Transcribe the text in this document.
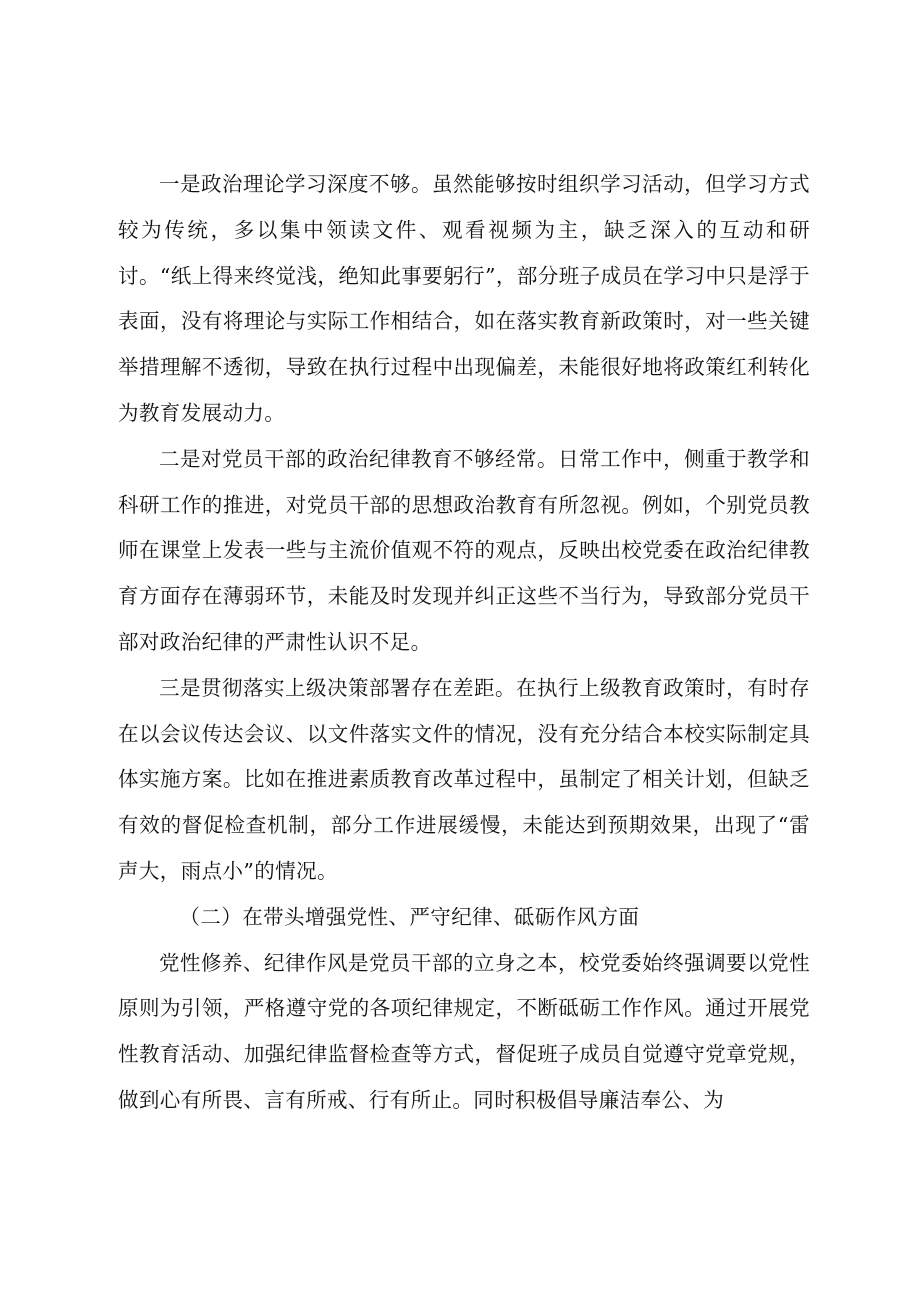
一是政治理论学习深度不够。虽然能够按时组织学习活动，但学习方式较为传统，多以集中领读文件、观看视频为主，缺乏深入的互动和研讨。“纸上得来终觉浅，绝知此事要躬行”，部分班子成员在学习中只是浮于表面，没有将理论与实际工作相结合，如在落实教育新政策时，对一些关键举措理解不透彻，导致在执行过程中出现偏差，未能很好地将政策红利转化为教育发展动力。

二是对党员干部的政治纪律教育不够经常。日常工作中，侧重于教学和科研工作的推进，对党员干部的思想政治教育有所忽视。例如，个别党员教师在课堂上发表一些与主流价值观不符的观点，反映出校党委在政治纪律教育方面存在薄弱环节，未能及时发现并纠正这些不当行为，导致部分党员干部对政治纪律的严肃性认识不足。

三是贯彻落实上级决策部署存在差距。在执行上级教育政策时，有时存在以会议传达会议、以文件落实文件的情况，没有充分结合本校实际制定具体实施方案。比如在推进素质教育改革过程中，虽制定了相关计划，但缺乏有效的督促检查机制，部分工作进展缓慢，未能达到预期效果，出现了“雷声大，雨点小”的情况。

（二）在带头增强党性、严守纪律、砥砺作风方面

党性修养、纪律作风是党员干部的立身之本，校党委始终强调要以党性原则为引领，严格遵守党的各项纪律规定，不断砥砺工作作风。通过开展党性教育活动、加强纪律监督检查等方式，督促班子成员自觉遵守党章党规，做到心有所畏、言有所戒、行有所止。同时积极倡导廉洁奉公、为
